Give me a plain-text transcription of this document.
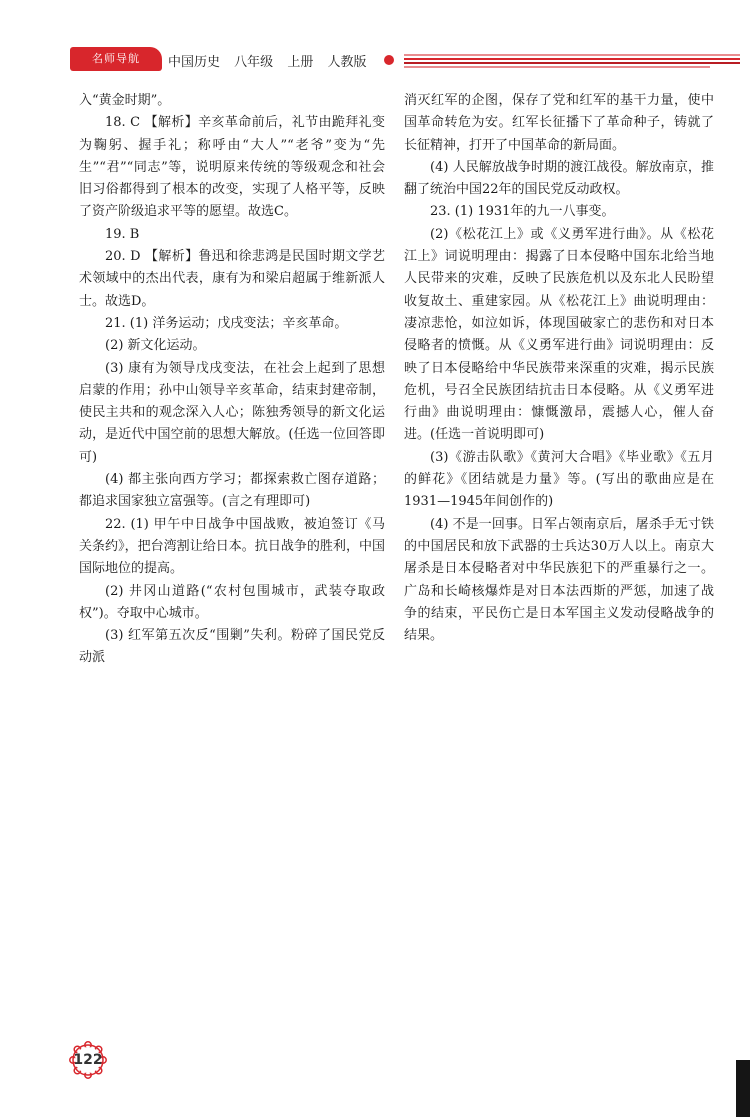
名师导航	中国历史 八年级 上册 人教版

入“黄金时期”。

18. C 【解析】辛亥革命前后，礼节由跪拜礼变为鞠躬、握手礼；称呼由“大人”“老爷”变为“先生”“君”“同志”等，说明原来传统的等级观念和社会旧习俗都得到了根本的改变，实现了人格平等，反映了资产阶级追求平等的愿望。故选C。

19. B

20. D 【解析】鲁迅和徐悲鸿是民国时期文学艺术领域中的杰出代表，康有为和梁启超属于维新派人士。故选D。

21. (1) 洋务运动；戊戌变法；辛亥革命。

(2) 新文化运动。

(3) 康有为领导戊戌变法，在社会上起到了思想启蒙的作用；孙中山领导辛亥革命，结束封建帝制，使民主共和的观念深入人心；陈独秀领导的新文化运动，是近代中国空前的思想大解放。(任选一位回答即可)

(4) 都主张向西方学习；都探索救亡图存道路；都追求国家独立富强等。(言之有理即可)

22. (1) 甲午中日战争中国战败，被迫签订《马关条约》，把台湾割让给日本。抗日战争的胜利，中国国际地位的提高。

(2) 井冈山道路(“农村包围城市，武装夺取政权”)。夺取中心城市。

(3) 红军第五次反“围剿”失利。粉碎了国民党反动派

消灭红军的企图，保存了党和红军的基干力量，使中国革命转危为安。红军长征播下了革命种子，铸就了长征精神，打开了中国革命的新局面。

(4) 人民解放战争时期的渡江战役。解放南京，推翻了统治中国22年的国民党反动政权。

23. (1) 1931年的九一八事变。

(2)《松花江上》或《义勇军进行曲》。从《松花江上》词说明理由：揭露了日本侵略中国东北给当地人民带来的灾难，反映了民族危机以及东北人民盼望收复故土、重建家园。从《松花江上》曲说明理由：凄凉悲怆，如泣如诉，体现国破家亡的悲伤和对日本侵略者的愤慨。从《义勇军进行曲》词说明理由：反映了日本侵略给中华民族带来深重的灾难，揭示民族危机，号召全民族团结抗击日本侵略。从《义勇军进行曲》曲说明理由：慷慨激昂，震撼人心，催人奋进。(任选一首说明即可)

(3)《游击队歌》《黄河大合唱》《毕业歌》《五月的鲜花》《团结就是力量》等。(写出的歌曲应是在1931—1945年间创作的)

(4) 不是一回事。日军占领南京后，屠杀手无寸铁的中国居民和放下武器的士兵达30万人以上。南京大屠杀是日本侵略者对中华民族犯下的严重暴行之一。广岛和长崎核爆炸是对日本法西斯的严惩，加速了战争的结束，平民伤亡是日本军国主义发动侵略战争的结果。

122
